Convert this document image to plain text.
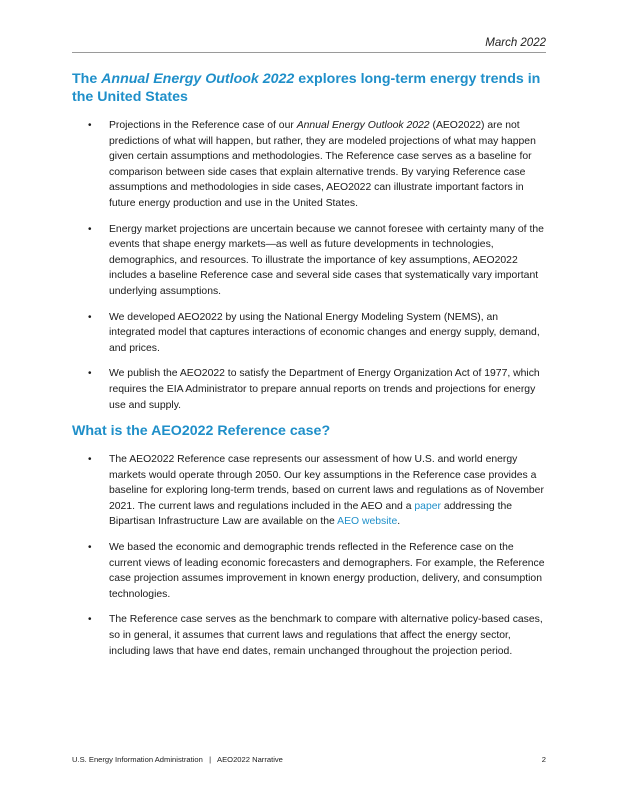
March 2022
The Annual Energy Outlook 2022 explores long-term energy trends in the United States
• Projections in the Reference case of our Annual Energy Outlook 2022 (AEO2022) are not predictions of what will happen, but rather, they are modeled projections of what may happen given certain assumptions and methodologies. The Reference case serves as a baseline for comparison between side cases that explain alternative trends. By varying Reference case assumptions and methodologies in side cases, AEO2022 can illustrate important factors in future energy production and use in the United States.
• Energy market projections are uncertain because we cannot foresee with certainty many of the events that shape energy markets—as well as future developments in technologies, demographics, and resources. To illustrate the importance of key assumptions, AEO2022 includes a baseline Reference case and several side cases that systematically vary important underlying assumptions.
• We developed AEO2022 by using the National Energy Modeling System (NEMS), an integrated model that captures interactions of economic changes and energy supply, demand, and prices.
• We publish the AEO2022 to satisfy the Department of Energy Organization Act of 1977, which requires the EIA Administrator to prepare annual reports on trends and projections for energy use and supply.
What is the AEO2022 Reference case?
• The AEO2022 Reference case represents our assessment of how U.S. and world energy markets would operate through 2050. Our key assumptions in the Reference case provides a baseline for exploring long-term trends, based on current laws and regulations as of November 2021. The current laws and regulations included in the AEO and a paper addressing the Bipartisan Infrastructure Law are available on the AEO website.
• We based the economic and demographic trends reflected in the Reference case on the current views of leading economic forecasters and demographers. For example, the Reference case projection assumes improvement in known energy production, delivery, and consumption technologies.
• The Reference case serves as the benchmark to compare with alternative policy-based cases, so in general, it assumes that current laws and regulations that affect the energy sector, including laws that have end dates, remain unchanged throughout the projection period.
U.S. Energy Information Administration   |   AEO2022 Narrative	2
